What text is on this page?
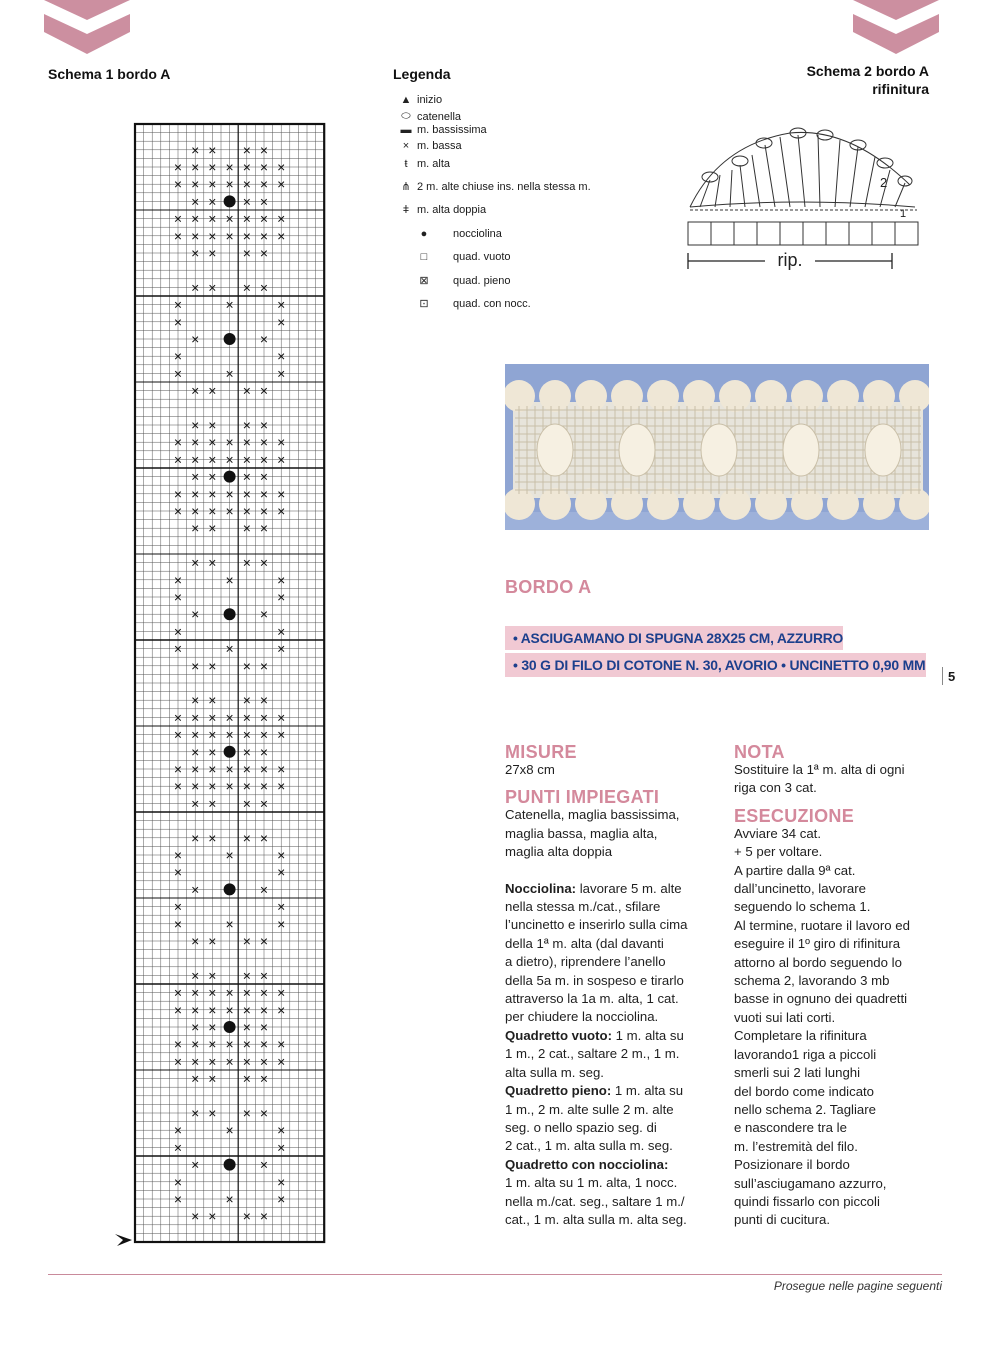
Schema 1 bordo A	Legenda	Schema 2 bordo A
rifinitura
× × × ×
× × × × × × ×
× × × × × × ×
× × × ×
× × × × × × ×
× × × × × × ×
× × × ×
× × × ×
×	×	×
×	×
×	×
×	×
×	×	×
× × × ×
× × × ×
× × × × × × ×
× × × × × × ×
× × × ×
× × × × × × ×
× × × × × × ×
× × × ×
× × × ×
×	×	×
×	×
×	×
×	×
×	×	×
× × × ×
× × × ×
× × × × × × ×
× × × × × × ×
× × × ×
× × × × × × ×
× × × × × × ×
× × × ×
× × × ×
×	×	×
×	×
×	×
×	×
×	×	×
× × × ×
× × × ×
× × × × × × ×
× × × × × × ×
× × × ×
× × × × × × ×
× × × × × × ×
× × × ×
× × × ×
×	×	×
×	×
×	×
×	×
×	×	×
× × × ×
▲ inizio
⬭ catenella
▬ m. bassissima
× m. bassa
ŧ m. alta
⋔ 2 m. alte chiuse ins. nella stessa m.
ǂ m. alta doppia
●	nocciolina
□	quad. vuoto
⊠	quad. pieno
⊡	quad. con nocc.
2
1
rip.
BORDO A
• ASCIUGAMANO DI SPUGNA 28X25 CM, AZZURRO
• 30 G DI FILO DI COTONE N. 30, AVORIO • UNCINETTO 0,90 MM
5
MISURE
27x8 cm
PUNTI IMPIEGATI

Catenella, maglia bassissima,

maglia bassa, maglia alta,

maglia alta doppia

Nocciolina: lavorare 5 m. alte

nella stessa m./cat., sfilare

l’uncinetto e inserirlo sulla cima

della 1ª m. alta (dal davanti

a dietro), riprendere l’anello

della 5a m. in sospeso e tirarlo

attraverso la 1a m. alta, 1 cat.

per chiudere la nocciolina.

Quadretto vuoto: 1 m. alta su

1 m., 2 cat., saltare 2 m., 1 m.

alta sulla m. seg.

Quadretto pieno: 1 m. alta su

1 m., 2 m. alte sulle 2 m. alte

seg. o nello spazio seg. di

2 cat., 1 m. alta sulla m. seg.

Quadretto con nocciolina:

1 m. alta su 1 m. alta, 1 nocc.

nella m./cat. seg., saltare 1 m./

cat., 1 m. alta sulla m. alta seg.

NOTA

Sostituire la 1ª m. alta di ogni

riga con 3 cat.

ESECUZIONE

Avviare 34 cat.

+ 5 per voltare.

A partire dalla 9ª cat.

dall’uncinetto, lavorare

seguendo lo schema 1.

Al termine, ruotare il lavoro ed

eseguire il 1º giro di rifinitura

attorno al bordo seguendo lo

schema 2, lavorando 3 mb

basse in ognuno dei quadretti

vuoti sui lati corti.

Completare la rifinitura

lavorando1 riga a piccoli

smerli sui 2 lati lunghi

del bordo come indicato

nello schema 2. Tagliare

e nascondere tra le

m. l’estremità del filo.

Posizionare il bordo

sull’asciugamano azzurro,

quindi fissarlo con piccoli

punti di cucitura.

Prosegue nelle pagine seguenti
